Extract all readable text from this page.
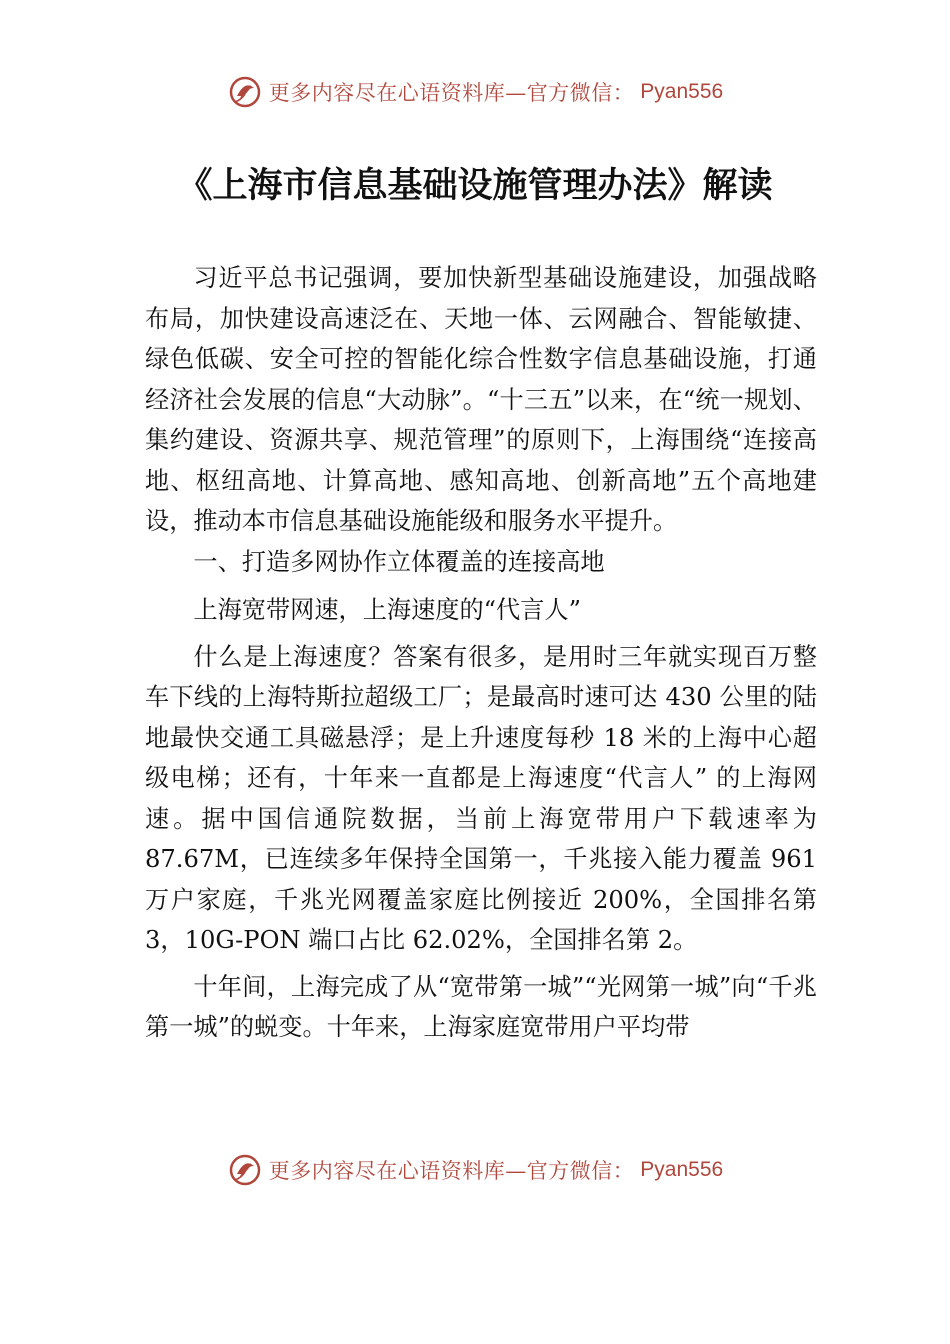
更多内容尽在心语资料库—官方微信： Pyan556
《上海市信息基础设施管理办法》解读

习近平总书记强调，要加快新型基础设施建设，加强战略布局，加快建设高速泛在、天地一体、云网融合、智能敏捷、绿色低碳、安全可控的智能化综合性数字信息基础设施，打通经济社会发展的信息“大动脉”。“十三五”以来，在“统一规划、集约建设、资源共享、规范管理”的原则下，上海围绕“连接高地、枢纽高地、计算高地、感知高地、创新高地”五个高地建设，推动本市信息基础设施能级和服务水平提升。

一、打造多网协作立体覆盖的连接高地

上海宽带网速，上海速度的“代言人”

什么是上海速度？答案有很多，是用时三年就实现百万整车下线的上海特斯拉超级工厂；是最高时速可达 430 公里的陆地最快交通工具磁悬浮；是上升速度每秒 18 米的上海中心超级电梯；还有，十年来一直都是上海速度“代言人” 的上海网速。据中国信通院数据，当前上海宽带用户下载速率为 87.67M，已连续多年保持全国第一，千兆接入能力覆盖 961 万户家庭，千兆光网覆盖家庭比例接近 200%，全国排名第 3，10G-PON 端口占比 62.02%，全国排名第 2。

十年间，上海完成了从“宽带第一城”“光网第一城”向“千兆第一城”的蜕变。十年来，上海家庭宽带用户平均带

更多内容尽在心语资料库—官方微信： Pyan556
